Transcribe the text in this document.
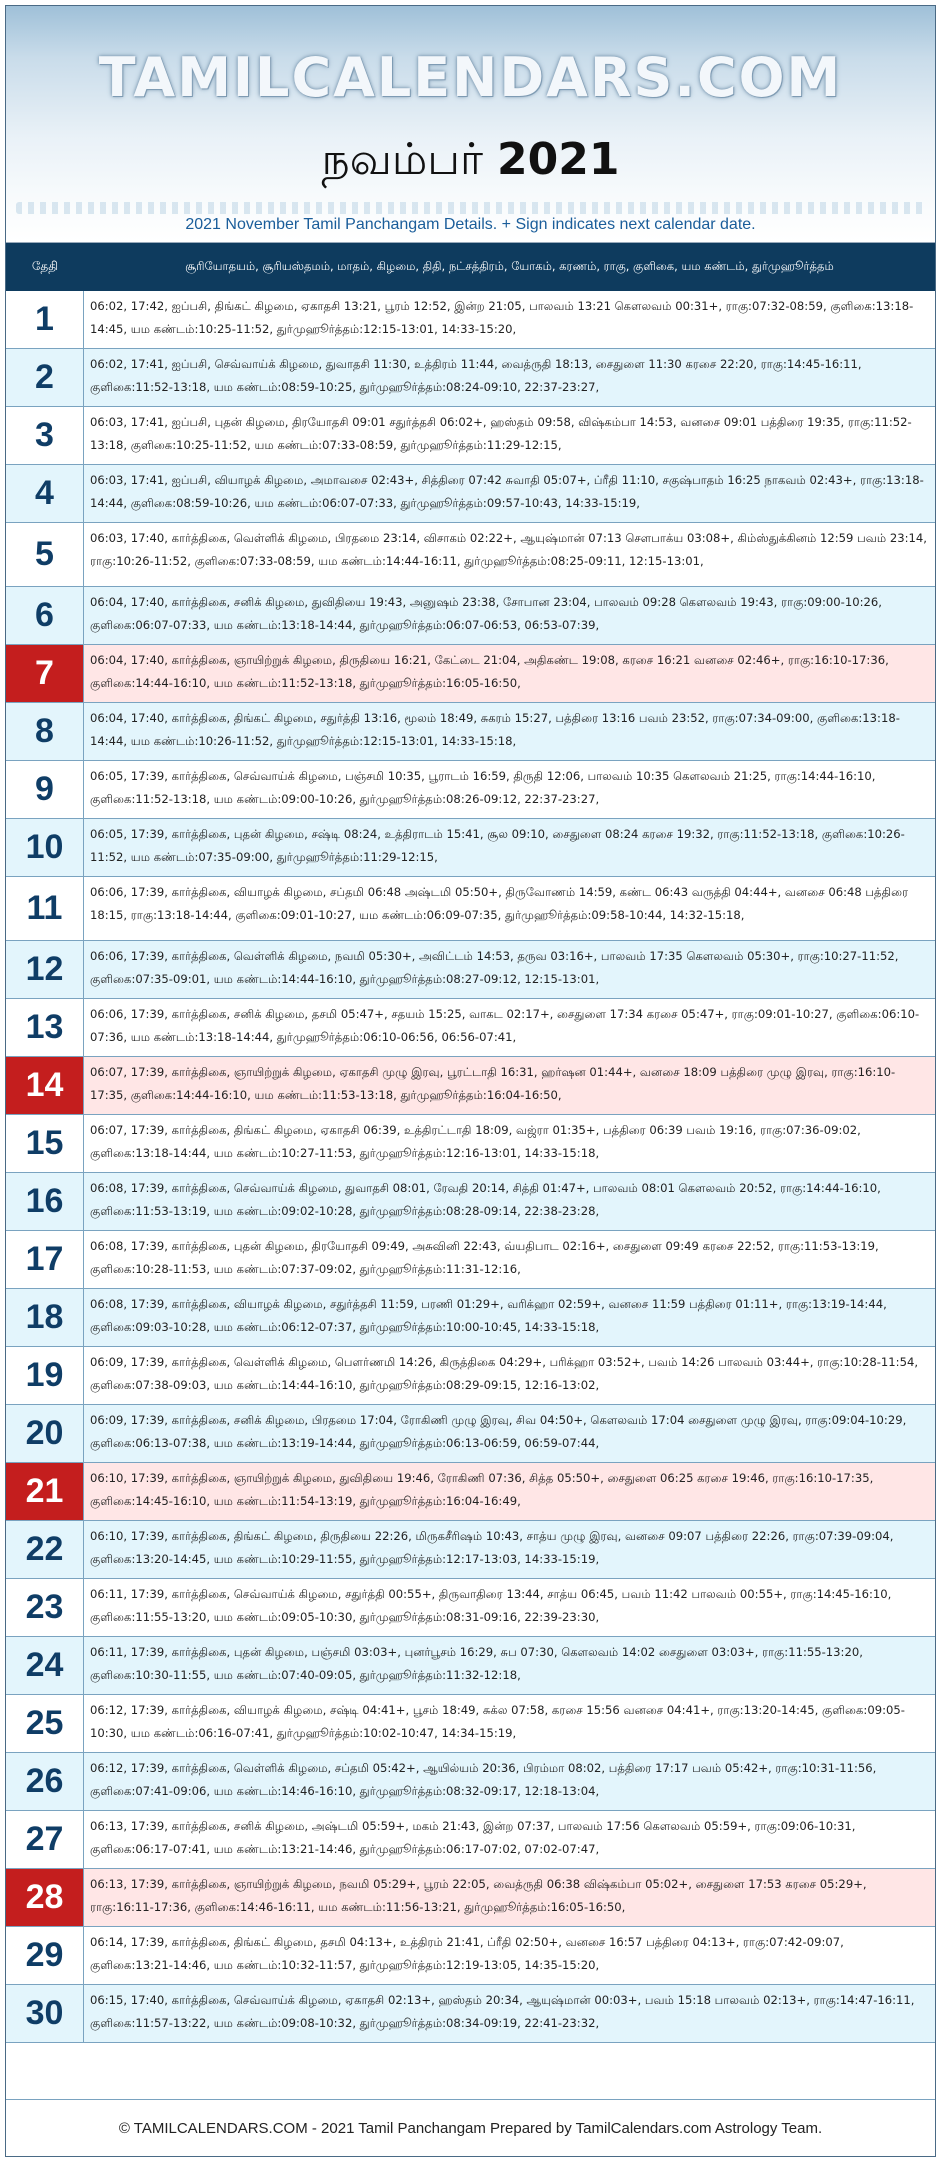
TAMILCALENDARS.COM
நவம்பர் 2021
2021 November Tamil Panchangam Details. + Sign indicates next calendar date.
தேதி	சூரியோதயம், சூரியஸ்தமம், மாதம், கிழமை, திதி, நட்சத்திரம், யோகம், கரணம், ராகு, குளிகை, யம கண்டம், துர்முஹூர்த்தம்
1	06:02, 17:42, ஐப்பசி, திங்கட் கிழமை, ஏகாதசி 13:21, பூரம் 12:52, இன்ற 21:05, பாலவம் 13:21 கௌலவம் 00:31+, ராகு:07:32-08:59, குளிகை:13:18-14:45, யம கண்டம்:10:25-11:52, துர்முஹூர்த்தம்:12:15-13:01, 14:33-15:20,
2	06:02, 17:41, ஐப்பசி, செவ்வாய்க் கிழமை, துவாதசி 11:30, உத்திரம் 11:44, வைத்ருதி 18:13, சைதுளை 11:30 கரசை 22:20, ராகு:14:45-16:11, குளிகை:11:52-13:18, யம கண்டம்:08:59-10:25, துர்முஹூர்த்தம்:08:24-09:10, 22:37-23:27,
3	06:03, 17:41, ஐப்பசி, புதன் கிழமை, திரயோதசி 09:01 சதுர்த்தசி 06:02+, ஹஸ்தம் 09:58, விஷ்கம்பா 14:53, வனசை 09:01 பத்திரை 19:35, ராகு:11:52-13:18, குளிகை:10:25-11:52, யம கண்டம்:07:33-08:59, துர்முஹூர்த்தம்:11:29-12:15,
4	06:03, 17:41, ஐப்பசி, வியாழக் கிழமை, அமாவசை 02:43+, சித்திரை 07:42 சுவாதி 05:07+, ப்ரீதி 11:10, சகுஷ்பாதம் 16:25 நாகவம் 02:43+, ராகு:13:18-14:44, குளிகை:08:59-10:26, யம கண்டம்:06:07-07:33, துர்முஹூர்த்தம்:09:57-10:43, 14:33-15:19,
5	06:03, 17:40, கார்த்திகை, வெள்ளிக் கிழமை, பிரதமை 23:14, விசாகம் 02:22+, ஆயுஷ்மான் 07:13 சௌபாக்ய 03:08+, கிம்ஸ்துக்கினம் 12:59 பவம் 23:14, ராகு:10:26-11:52, குளிகை:07:33-08:59, யம கண்டம்:14:44-16:11, துர்முஹூர்த்தம்:08:25-09:11, 12:15-13:01,
6	06:04, 17:40, கார்த்திகை, சனிக் கிழமை, துவிதியை 19:43, அனுஷம் 23:38, சோபான 23:04, பாலவம் 09:28 கௌலவம் 19:43, ராகு:09:00-10:26, குளிகை:06:07-07:33, யம கண்டம்:13:18-14:44, துர்முஹூர்த்தம்:06:07-06:53, 06:53-07:39,
7	06:04, 17:40, கார்த்திகை, ஞாயிற்றுக் கிழமை, திருதியை 16:21, கேட்டை 21:04, அதிகண்ட 19:08, கரசை 16:21 வனசை 02:46+, ராகு:16:10-17:36, குளிகை:14:44-16:10, யம கண்டம்:11:52-13:18, துர்முஹூர்த்தம்:16:05-16:50,
8	06:04, 17:40, கார்த்திகை, திங்கட் கிழமை, சதுர்த்தி 13:16, மூலம் 18:49, சுகரம் 15:27, பத்திரை 13:16 பவம் 23:52, ராகு:07:34-09:00, குளிகை:13:18-14:44, யம கண்டம்:10:26-11:52, துர்முஹூர்த்தம்:12:15-13:01, 14:33-15:18,
9	06:05, 17:39, கார்த்திகை, செவ்வாய்க் கிழமை, பஞ்சமி 10:35, பூராடம் 16:59, திருதி 12:06, பாலவம் 10:35 கௌலவம் 21:25, ராகு:14:44-16:10, குளிகை:11:52-13:18, யம கண்டம்:09:00-10:26, துர்முஹூர்த்தம்:08:26-09:12, 22:37-23:27,
10	06:05, 17:39, கார்த்திகை, புதன் கிழமை, சஷ்டி 08:24, உத்திராடம் 15:41, சூல 09:10, சைதுளை 08:24 கரசை 19:32, ராகு:11:52-13:18, குளிகை:10:26-11:52, யம கண்டம்:07:35-09:00, துர்முஹூர்த்தம்:11:29-12:15,
11	06:06, 17:39, கார்த்திகை, வியாழக் கிழமை, சப்தமி 06:48 அஷ்டமி 05:50+, திருவோணம் 14:59, கண்ட 06:43 வருத்தி 04:44+, வனசை 06:48 பத்திரை 18:15, ராகு:13:18-14:44, குளிகை:09:01-10:27, யம கண்டம்:06:09-07:35, துர்முஹூர்த்தம்:09:58-10:44, 14:32-15:18,
12	06:06, 17:39, கார்த்திகை, வெள்ளிக் கிழமை, நவமி 05:30+, அவிட்டம் 14:53, தருவ 03:16+, பாலவம் 17:35 கௌலவம் 05:30+, ராகு:10:27-11:52, குளிகை:07:35-09:01, யம கண்டம்:14:44-16:10, துர்முஹூர்த்தம்:08:27-09:12, 12:15-13:01,
13	06:06, 17:39, கார்த்திகை, சனிக் கிழமை, தசமி 05:47+, சதயம் 15:25, வாகட 02:17+, சைதுளை 17:34 கரசை 05:47+, ராகு:09:01-10:27, குளிகை:06:10-07:36, யம கண்டம்:13:18-14:44, துர்முஹூர்த்தம்:06:10-06:56, 06:56-07:41,
14	06:07, 17:39, கார்த்திகை, ஞாயிற்றுக் கிழமை, ஏகாதசி முழு இரவு, பூரட்டாதி 16:31, ஹர்ஷன 01:44+, வனசை 18:09 பத்திரை முழு இரவு, ராகு:16:10-17:35, குளிகை:14:44-16:10, யம கண்டம்:11:53-13:18, துர்முஹூர்த்தம்:16:04-16:50,
15	06:07, 17:39, கார்த்திகை, திங்கட் கிழமை, ஏகாதசி 06:39, உத்திரட்டாதி 18:09, வஜ்ரா 01:35+, பத்திரை 06:39 பவம் 19:16, ராகு:07:36-09:02, குளிகை:13:18-14:44, யம கண்டம்:10:27-11:53, துர்முஹூர்த்தம்:12:16-13:01, 14:33-15:18,
16	06:08, 17:39, கார்த்திகை, செவ்வாய்க் கிழமை, துவாதசி 08:01, ரேவதி 20:14, சித்தி 01:47+, பாலவம் 08:01 கௌலவம் 20:52, ராகு:14:44-16:10, குளிகை:11:53-13:19, யம கண்டம்:09:02-10:28, துர்முஹூர்த்தம்:08:28-09:14, 22:38-23:28,
17	06:08, 17:39, கார்த்திகை, புதன் கிழமை, திரயோதசி 09:49, அசுவினி 22:43, வ்யதிபாட 02:16+, சைதுளை 09:49 கரசை 22:52, ராகு:11:53-13:19, குளிகை:10:28-11:53, யம கண்டம்:07:37-09:02, துர்முஹூர்த்தம்:11:31-12:16,
18	06:08, 17:39, கார்த்திகை, வியாழக் கிழமை, சதுர்த்தசி 11:59, பரணி 01:29+, வரிக்ஹா 02:59+, வனசை 11:59 பத்திரை 01:11+, ராகு:13:19-14:44, குளிகை:09:03-10:28, யம கண்டம்:06:12-07:37, துர்முஹூர்த்தம்:10:00-10:45, 14:33-15:18,
19	06:09, 17:39, கார்த்திகை, வெள்ளிக் கிழமை, பௌர்ணமி 14:26, கிருத்திகை 04:29+, பரிக்ஹா 03:52+, பவம் 14:26 பாலவம் 03:44+, ராகு:10:28-11:54, குளிகை:07:38-09:03, யம கண்டம்:14:44-16:10, துர்முஹூர்த்தம்:08:29-09:15, 12:16-13:02,
20	06:09, 17:39, கார்த்திகை, சனிக் கிழமை, பிரதமை 17:04, ரோகிணி முழு இரவு, சிவ 04:50+, கௌலவம் 17:04 சைதுளை முழு இரவு, ராகு:09:04-10:29, குளிகை:06:13-07:38, யம கண்டம்:13:19-14:44, துர்முஹூர்த்தம்:06:13-06:59, 06:59-07:44,
21	06:10, 17:39, கார்த்திகை, ஞாயிற்றுக் கிழமை, துவிதியை 19:46, ரோகிணி 07:36, சித்த 05:50+, சைதுளை 06:25 கரசை 19:46, ராகு:16:10-17:35, குளிகை:14:45-16:10, யம கண்டம்:11:54-13:19, துர்முஹூர்த்தம்:16:04-16:49,
22	06:10, 17:39, கார்த்திகை, திங்கட் கிழமை, திருதியை 22:26, மிருகசீரிஷம் 10:43, சாத்ய முழு இரவு, வனசை 09:07 பத்திரை 22:26, ராகு:07:39-09:04, குளிகை:13:20-14:45, யம கண்டம்:10:29-11:55, துர்முஹூர்த்தம்:12:17-13:03, 14:33-15:19,
23	06:11, 17:39, கார்த்திகை, செவ்வாய்க் கிழமை, சதுர்த்தி 00:55+, திருவாதிரை 13:44, சாத்ய 06:45, பவம் 11:42 பாலவம் 00:55+, ராகு:14:45-16:10, குளிகை:11:55-13:20, யம கண்டம்:09:05-10:30, துர்முஹூர்த்தம்:08:31-09:16, 22:39-23:30,
24	06:11, 17:39, கார்த்திகை, புதன் கிழமை, பஞ்சமி 03:03+, புனர்பூசம் 16:29, சுப 07:30, கௌலவம் 14:02 சைதுளை 03:03+, ராகு:11:55-13:20, குளிகை:10:30-11:55, யம கண்டம்:07:40-09:05, துர்முஹூர்த்தம்:11:32-12:18,
25	06:12, 17:39, கார்த்திகை, வியாழக் கிழமை, சஷ்டி 04:41+, பூசம் 18:49, சுக்ல 07:58, கரசை 15:56 வனசை 04:41+, ராகு:13:20-14:45, குளிகை:09:05-10:30, யம கண்டம்:06:16-07:41, துர்முஹூர்த்தம்:10:02-10:47, 14:34-15:19,
26	06:12, 17:39, கார்த்திகை, வெள்ளிக் கிழமை, சப்தமி 05:42+, ஆயில்யம் 20:36, பிரம்மா 08:02, பத்திரை 17:17 பவம் 05:42+, ராகு:10:31-11:56, குளிகை:07:41-09:06, யம கண்டம்:14:46-16:10, துர்முஹூர்த்தம்:08:32-09:17, 12:18-13:04,
27	06:13, 17:39, கார்த்திகை, சனிக் கிழமை, அஷ்டமி 05:59+, மகம் 21:43, இன்ற 07:37, பாலவம் 17:56 கௌலவம் 05:59+, ராகு:09:06-10:31, குளிகை:06:17-07:41, யம கண்டம்:13:21-14:46, துர்முஹூர்த்தம்:06:17-07:02, 07:02-07:47,
28	06:13, 17:39, கார்த்திகை, ஞாயிற்றுக் கிழமை, நவமி 05:29+, பூரம் 22:05, வைத்ருதி 06:38 விஷ்கம்பா 05:02+, சைதுளை 17:53 கரசை 05:29+, ராகு:16:11-17:36, குளிகை:14:46-16:11, யம கண்டம்:11:56-13:21, துர்முஹூர்த்தம்:16:05-16:50,
29	06:14, 17:39, கார்த்திகை, திங்கட் கிழமை, தசமி 04:13+, உத்திரம் 21:41, ப்ரீதி 02:50+, வனசை 16:57 பத்திரை 04:13+, ராகு:07:42-09:07, குளிகை:13:21-14:46, யம கண்டம்:10:32-11:57, துர்முஹூர்த்தம்:12:19-13:05, 14:35-15:20,
30	06:15, 17:40, கார்த்திகை, செவ்வாய்க் கிழமை, ஏகாதசி 02:13+, ஹஸ்தம் 20:34, ஆயுஷ்மான் 00:03+, பவம் 15:18 பாலவம் 02:13+, ராகு:14:47-16:11, குளிகை:11:57-13:22, யம கண்டம்:09:08-10:32, துர்முஹூர்த்தம்:08:34-09:19, 22:41-23:32,
© TAMILCALENDARS.COM - 2021 Tamil Panchangam Prepared by TamilCalendars.com Astrology Team.
